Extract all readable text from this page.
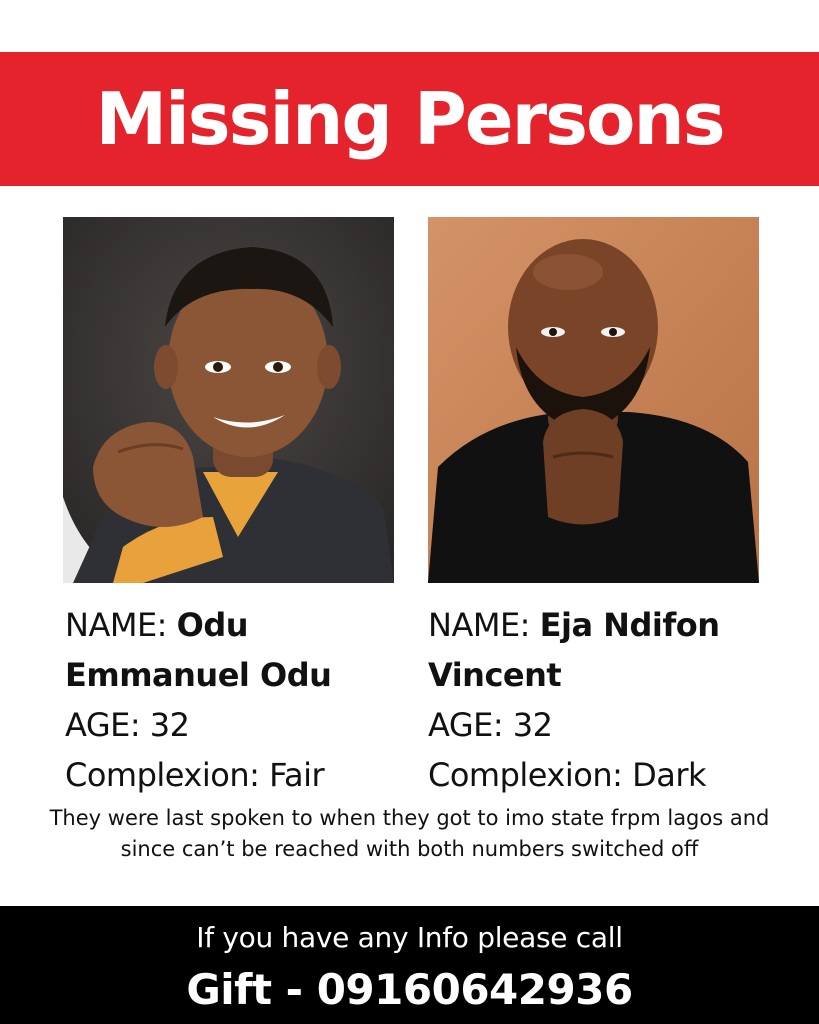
Missing Persons
NAME: Odu
Emmanuel Odu
AGE: 32
Complexion: Fair
NAME: Eja Ndifon
Vincent
AGE: 32
Complexion: Dark
They were last spoken to when they got to imo state frpm lagos and since can’t be reached with both numbers switched off
If you have any Info please call
Gift - 09160642936
